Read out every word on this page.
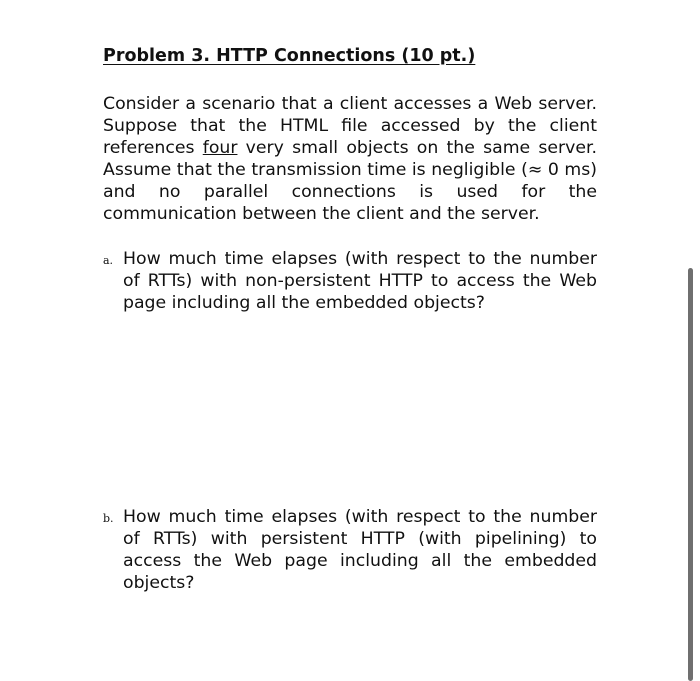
Problem 3. HTTP Connections (10 pt.)
Consider a scenario that a client accesses a Web server. Suppose that the HTML file accessed by the client references four very small objects on the same server. Assume that the transmission time is negligible (≈ 0 ms) and no parallel connections is used for the communication between the client and the server.
a. How much time elapses (with respect to the number of RTTs) with non-persistent HTTP to access the Web page including all the embedded objects?
b. How much time elapses (with respect to the number of RTTs) with persistent HTTP (with pipelining) to access the Web page including all the embedded objects?
